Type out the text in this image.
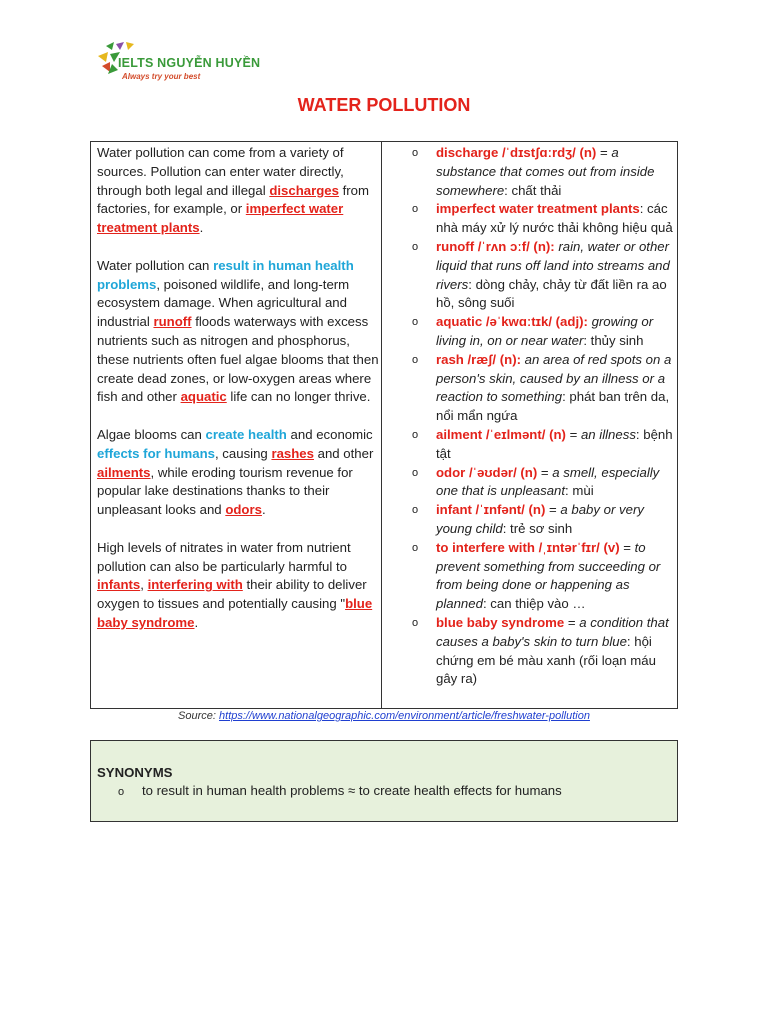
IELTS NGUYỄN HUYỀN
Always try your best
WATER POLLUTION

Water pollution can come from a variety of sources. Pollution can enter water directly, through both legal and illegal discharges from factories, for example, or imperfect water treatment plants.

Water pollution can result in human health problems, poisoned wildlife, and long-term ecosystem damage. When agricultural and industrial runoff floods waterways with excess nutrients such as nitrogen and phosphorus, these nutrients often fuel algae blooms that then create dead zones, or low-oxygen areas where fish and other aquatic life can no longer thrive.

Algae blooms can create health and economic effects for humans, causing rashes and other ailments, while eroding tourism revenue for popular lake destinations thanks to their unpleasant looks and odors.

High levels of nitrates in water from nutrient pollution can also be particularly harmful to infants, interfering with their ability to deliver oxygen to tissues and potentially causing "blue baby syndrome.

o discharge /ˈdɪstʃɑːrdʒ/ (n) = a substance that comes out from inside somewhere: chất thải
o imperfect water treatment plants: các nhà máy xử lý nước thải không hiệu quả
o runoff /ˈrʌn ɔːf/ (n): rain, water or other liquid that runs off land into streams and rivers: dòng chảy, chảy từ đất liền ra ao hồ, sông suối
o aquatic /əˈkwɑːtɪk/ (adj): growing or living in, on or near water: thủy sinh
o rash /ræʃ/ (n): an area of red spots on a person's skin, caused by an illness or a reaction to something: phát ban trên da, nổi mẩn ngứa
o ailment /ˈeɪlmənt/ (n) = an illness: bệnh tật
o odor /ˈəʊdər/ (n) = a smell, especially one that is unpleasant: mùi
o infant /ˈɪnfənt/ (n) = a baby or very young child: trẻ sơ sinh
o to interfere with /ˌɪntərˈfɪr/ (v) = to prevent something from succeeding or from being done or happening as planned: can thiệp vào …
o blue baby syndrome = a condition that causes a baby's skin to turn blue: hội chứng em bé màu xanh (rối loạn máu gây ra)
Source: https://www.nationalgeographic.com/environment/article/freshwater-pollution
SYNONYMS
o to result in human health problems ≈ to create health effects for humans
